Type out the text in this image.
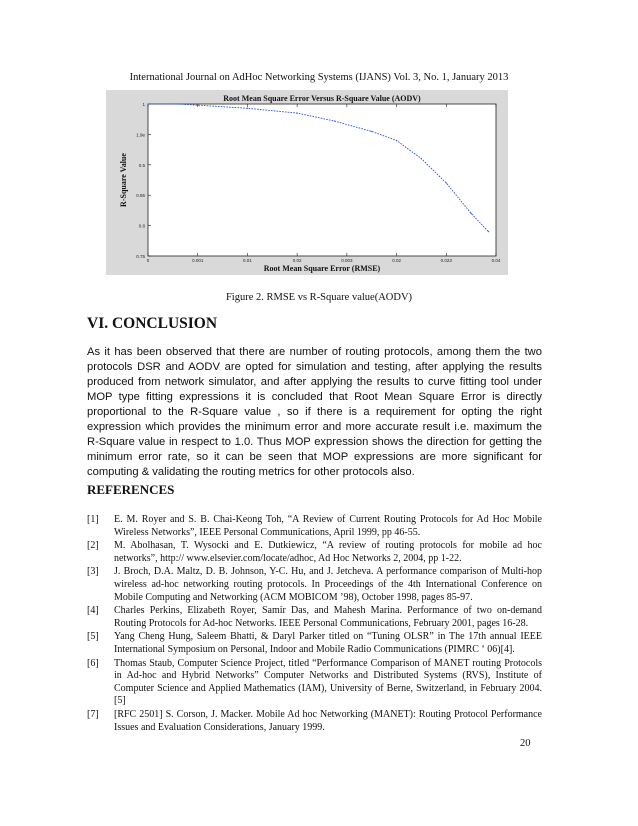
International Journal on AdHoc Networking Systems (IJANS) Vol. 3, No. 1, January 2013
1
1.9e
0.5
0.85
0.8
0.75
0	0.001	0.01	0.02	0.003	0.02	0.023	0.04
Root Mean Square Error Versus R-Square Value (AODV)
Root Mean Square Error (RMSE)
R-Square Value
Figure 2. RMSE vs R-Square value(AODV)
VI. CONCLUSION
As it has been observed that there are number of routing protocols, among them the two protocols DSR and AODV are opted for simulation and testing, after applying the results produced from network simulator, and after applying the results to curve fitting tool under MOP type fitting expressions it is concluded that Root Mean Square Error is directly proportional to the R-Square value , so if there is a requirement for opting the right expression which provides the minimum error and more accurate result i.e. maximum the R-Square value in respect to 1.0. Thus MOP expression shows the direction for getting the minimum error rate, so it can be seen that MOP expressions are more significant for computing & validating the routing metrics for other protocols also.
REFERENCES
[1]	E. M. Royer and S. B. Chai-Keong Toh, “A Review of Current Routing Protocols for Ad Hoc Mobile Wireless Networks”, IEEE Personal Communications, April 1999, pp 46-55.
[2]	M. Abolhasan, T. Wysocki and E. Dutkiewicz, “A review of routing protocols for mobile ad hoc networks”, http:// www.elsevier.com/locate/adhoc, Ad Hoc Networks 2, 2004, pp 1-22.
[3]	J. Broch, D.A. Maltz, D. B. Johnson, Y-C. Hu, and J. Jetcheva. A performance comparison of Multi-hop wireless ad-hoc networking routing protocols. In Proceedings of the 4th International Conference on Mobile Computing and Networking (ACM MOBICOM ’98), October 1998, pages 85-97.
[4]	Charles Perkins, Elizabeth Royer, Samir Das, and Mahesh Marina. Performance of two on-demand Routing Protocols for Ad-hoc Networks. IEEE Personal Communications, February 2001, pages 16-28.
[5]	Yang Cheng Hung, Saleem Bhatti, & Daryl Parker titled on “Tuning OLSR” in The 17th annual IEEE International Symposium on Personal, Indoor and Mobile Radio Communications (PIMRC ‘ 06)[4].
[6]	Thomas Staub, Computer Science Project, titled “Performance Comparison of MANET routing Protocols in Ad-hoc and Hybrid Networks” Computer Networks and Distributed Systems (RVS), Institute of Computer Science and Applied Mathematics (IAM), University of Berne, Switzerland, in February 2004.[5]
[7]	[RFC 2501] S. Corson, J. Macker. Mobile Ad hoc Networking (MANET): Routing Protocol Performance Issues and Evaluation Considerations, January 1999.
20
